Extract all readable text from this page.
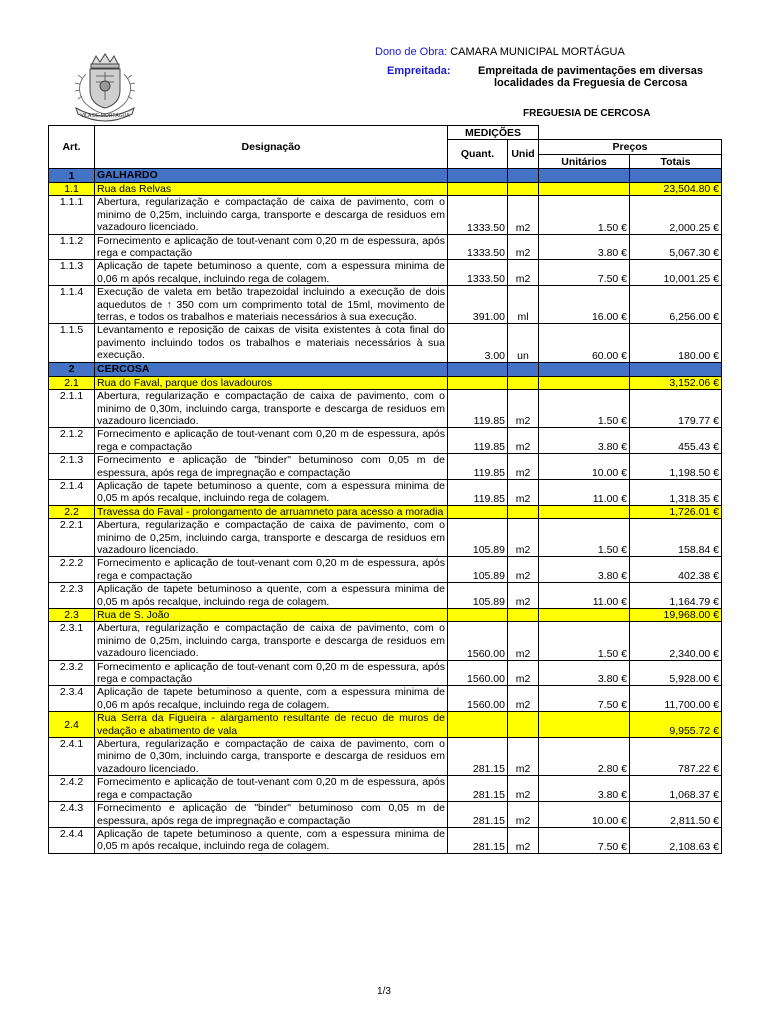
VILA DE MORTÁGUA
Dono de Obra: CAMARA MUNICIPAL MORTÁGUA
Empreitada: Empreitada de pavimentações em diversas
localidades da Freguesia de Cercosa
FREGUESIA DE CERCOSA
Art.	Designação	MEDIÇÕES			
		Quant.	Unid	Preços	
				Unitários	Totais
1	GALHARDO				
1.1	Rua das Relvas				23,504.80 €
1.1.1	Abertura, regularização e compactação de caixa de pavimento, com o minimo de 0,25m, incluindo carga, transporte e descarga de residuos em vazadouro licenciado.	1333.50	m2	1.50 €	2,000.25 €
1.1.2	Fornecimento e aplicação de tout-venant com 0,20 m de espessura, após rega e compactação	1333.50	m2	3.80 €	5,067.30 €
1.1.3	Aplicação de tapete betuminoso a quente, com a espessura minima de 0,06 m após recalque, incluindo rega de colagem.	1333.50	m2	7.50 €	10,001.25 €
1.1.4	Execução de valeta em betão trapezoidal incluindo a execução de dois aquedutos de ↑ 350 com um comprimento total de 15ml, movimento de terras, e todos os trabalhos e materiais necessários à sua execução.	391.00	ml	16.00 €	6,256.00 €
1.1.5	Levantamento e reposição de caixas de visita existentes à cota final do pavimento incluindo todos os trabalhos e materiais necessários à sua execução.	3.00	un	60.00 €	180.00 €
2	CERCOSA				
2.1	Rua do Faval, parque dos lavadouros				3,152.06 €
2.1.1	Abertura, regularização e compactação de caixa de pavimento, com o minimo de 0,30m, incluindo carga, transporte e descarga de residuos em vazadouro licenciado.	119.85	m2	1.50 €	179.77 €
2.1.2	Fornecimento e aplicação de tout-venant com 0,20 m de espessura, após rega e compactação	119.85	m2	3.80 €	455.43 €
2.1.3	Fornecimento e aplicação de "binder" betuminoso com 0,05 m de espessura, após rega de impregnação e compactação	119.85	m2	10.00 €	1,198.50 €
2.1.4	Aplicação de tapete betuminoso a quente, com a espessura minima de 0,05 m após recalque, incluindo rega de colagem.	119.85	m2	11.00 €	1,318.35 €
2.2	Travessa do Faval - prolongamento de arruamneto para acesso a moradia				1,726.01 €
2.2.1	Abertura, regularização e compactação de caixa de pavimento, com o minimo de 0,25m, incluindo carga, transporte e descarga de residuos em vazadouro licenciado.	105.89	m2	1.50 €	158.84 €
2.2.2	Fornecimento e aplicação de tout-venant com 0,20 m de espessura, após rega e compactação	105.89	m2	3.80 €	402.38 €
2.2.3	Aplicação de tapete betuminoso a quente, com a espessura minima de 0,05 m após recalque, incluindo rega de colagem.	105.89	m2	11.00 €	1,164.79 €
2.3	Rua de S. João				19,968.00 €
2.3.1	Abertura, regularização e compactação de caixa de pavimento, com o minimo de 0,25m, incluindo carga, transporte e descarga de residuos em vazadouro licenciado.	1560.00	m2	1.50 €	2,340.00 €
2.3.2	Fornecimento e aplicação de tout-venant com 0,20 m de espessura, após rega e compactação	1560.00	m2	3.80 €	5,928.00 €
2.3.4	Aplicação de tapete betuminoso a quente, com a espessura minima de 0,06 m após recalque, incluindo rega de colagem.	1560.00	m2	7.50 €	11,700.00 €
2.4	Rua Serra da Figueira - alargamento resultante de recuo de muros de vedação e abatimento de vala				9,955.72 €
2.4.1	Abertura, regularização e compactação de caixa de pavimento, com o minimo de 0,30m, incluindo carga, transporte e descarga de residuos em vazadouro licenciado.	281.15	m2	2.80 €	787.22 €
2.4.2	Fornecimento e aplicação de tout-venant com 0,20 m de espessura, após rega e compactação	281.15	m2	3.80 €	1,068.37 €
2.4.3	Fornecimento e aplicação de "binder" betuminoso com 0,05 m de espessura, após rega de impregnação e compactação	281.15	m2	10.00 €	2,811.50 €
2.4.4	Aplicação de tapete betuminoso a quente, com a espessura minima de 0,05 m após recalque, incluindo rega de colagem.	281.15	m2	7.50 €	2,108.63 €
1/3
